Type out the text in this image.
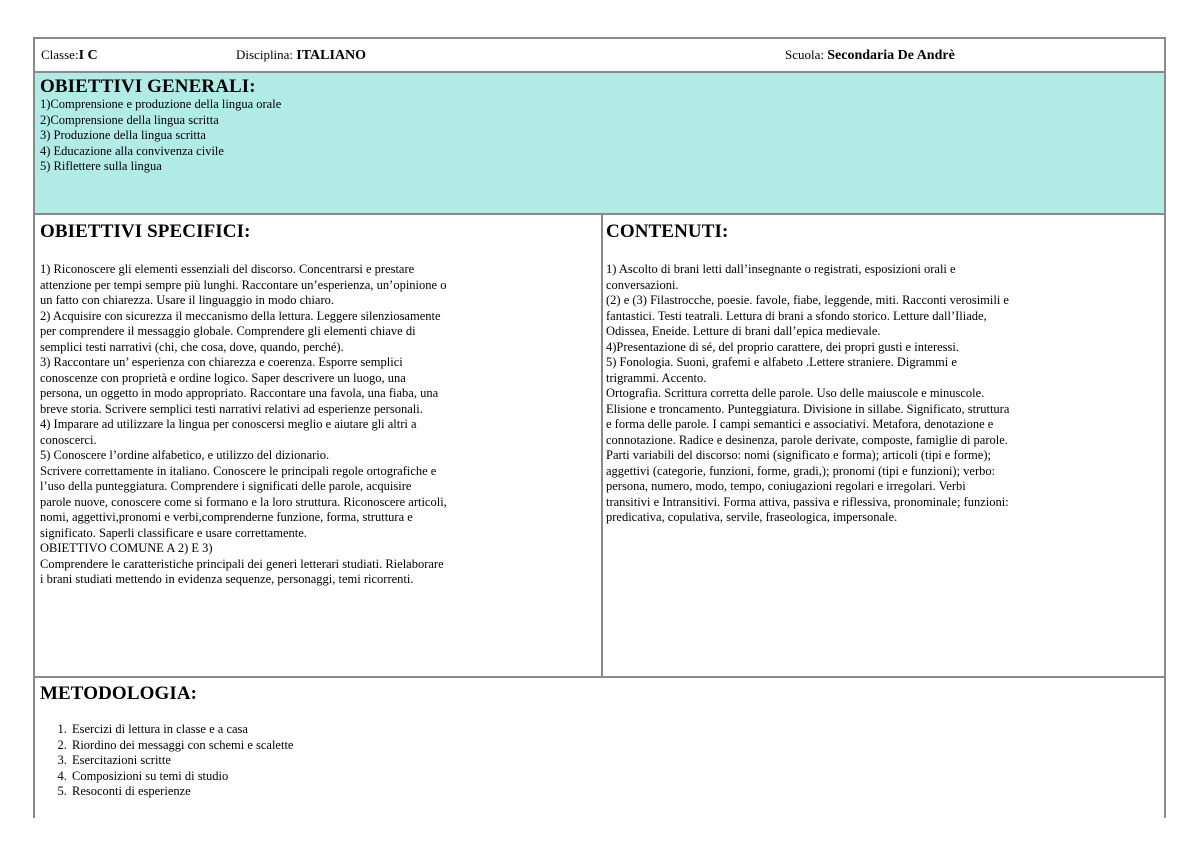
Classe:I C	Disciplina: ITALIANO	Scuola: Secondaria De Andrè
OBIETTIVI GENERALI:
1)Comprensione e produzione della lingua orale
2)Comprensione della lingua scritta
3) Produzione della lingua scritta
4) Educazione alla convivenza civile
5) Riflettere sulla lingua
OBIETTIVI SPECIFICI:
1) Riconoscere gli elementi essenziali del discorso. Concentrarsi e prestare
attenzione per tempi sempre più lunghi. Raccontare un’esperienza, un’opinione o
un fatto con chiarezza. Usare il linguaggio in modo chiaro.
2) Acquisire con sicurezza il meccanismo della lettura. Leggere silenziosamente
per comprendere il messaggio globale. Comprendere gli elementi chiave di
semplici testi narrativi (chi, che cosa, dove, quando, perché).
3) Raccontare un’ esperienza con chiarezza e coerenza. Esporre semplici
conoscenze con proprietà e ordine logico. Saper descrivere un luogo, una
persona, un oggetto in modo appropriato. Raccontare una favola, una fiaba, una
breve storia. Scrivere semplici testi narrativi relativi ad esperienze personali.
4) Imparare ad utilizzare la lingua per conoscersi meglio e aiutare gli altri a
conoscerci.
5) Conoscere l’ordine alfabetico, e utilizzo del dizionario.
Scrivere correttamente in italiano. Conoscere le principali regole ortografiche e
l’uso della punteggiatura. Comprendere i significati delle parole, acquisire
parole nuove, conoscere come si formano e la loro struttura. Riconoscere articoli,
nomi, aggettivi,pronomi e verbi,comprenderne funzione, forma, struttura e
significato. Saperli classificare e usare correttamente.
OBIETTIVO COMUNE A 2) E 3)
Comprendere le caratteristiche principali dei generi letterari studiati. Rielaborare
i brani studiati mettendo in evidenza sequenze, personaggi, temi ricorrenti.
CONTENUTI:
1) Ascolto di brani letti dall’insegnante o registrati, esposizioni orali e
conversazioni.
(2) e (3) Filastrocche, poesie. favole, fiabe, leggende, miti. Racconti verosimili e
fantastici. Testi teatrali. Lettura di brani a sfondo storico. Letture dall’Iliade,
Odissea, Eneide. Letture di brani dall’epica medievale.
4)Presentazione di sé, del proprio carattere, dei propri gusti e interessi.
5) Fonologia. Suoni, grafemi e alfabeto .Lettere straniere. Digrammi e
trigrammi. Accento.
Ortografia. Scrittura corretta delle parole. Uso delle maiuscole e minuscole.
Elisione e troncamento. Punteggiatura. Divisione in sillabe. Significato, struttura
e forma delle parole. I campi semantici e associativi. Metafora, denotazione e
connotazione. Radice e desinenza, parole derivate, composte, famiglie di parole.
Parti variabili del discorso: nomi (significato e forma); articoli (tipi e forme);
aggettivi (categorie, funzioni, forme, gradi,); pronomi (tipi e funzioni); verbo:
persona, numero, modo, tempo, coniugazioni regolari e irregolari. Verbi
transitivi e Intransitivi. Forma attiva, passiva e riflessiva, pronominale; funzioni:
predicativa, copulativa, servile, fraseologica, impersonale.
METODOLOGIA:
1. Esercizi di lettura in classe e a casa
2. Riordino dei messaggi con schemi e scalette
3. Esercitazioni scritte
4. Composizioni su temi di studio
5. Resoconti di esperienze
